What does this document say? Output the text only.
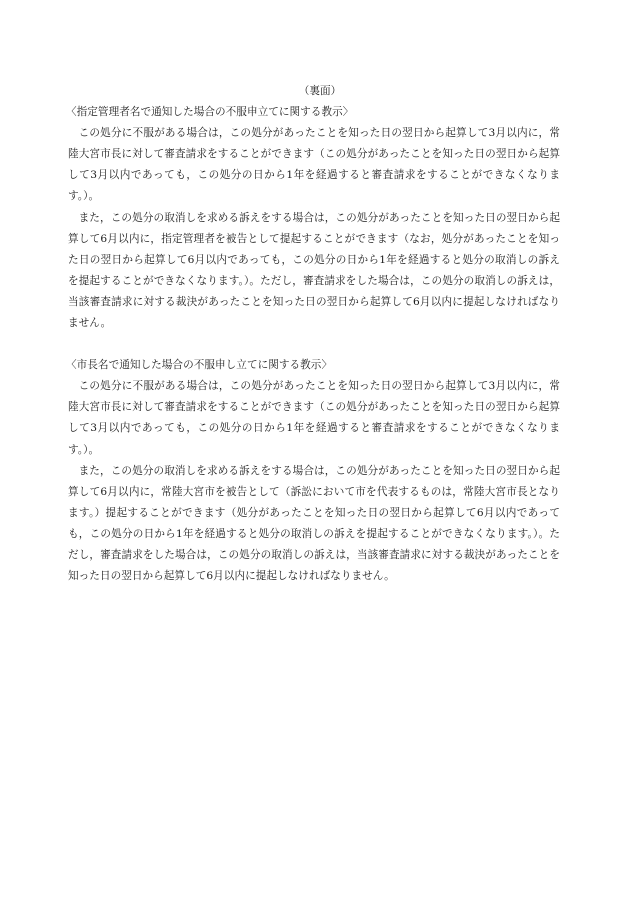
（裏面）
〈指定管理者名で通知した場合の不服申立てに関する教示〉

この処分に不服がある場合は，この処分があったことを知った日の翌日から起算して3月以内に，常陸大宮市長に対して審査請求をすることができます（この処分があったことを知った日の翌日から起算して3月以内であっても，この処分の日から1年を経過すると審査請求をすることができなくなります。）。

また，この処分の取消しを求める訴えをする場合は，この処分があったことを知った日の翌日から起算して6月以内に，指定管理者を被告として提起することができます（なお，処分があったことを知った日の翌日から起算して6月以内であっても，この処分の日から1年を経過すると処分の取消しの訴えを提起することができなくなります。）。ただし，審査請求をした場合は，この処分の取消しの訴えは，当該審査請求に対する裁決があったことを知った日の翌日から起算して6月以内に提起しなければなりません。

〈市長名で通知した場合の不服申し立てに関する教示〉

この処分に不服がある場合は，この処分があったことを知った日の翌日から起算して3月以内に，常陸大宮市長に対して審査請求をすることができます（この処分があったことを知った日の翌日から起算して3月以内であっても，この処分の日から1年を経過すると審査請求をすることができなくなります。）。

また，この処分の取消しを求める訴えをする場合は，この処分があったことを知った日の翌日から起算して6月以内に，常陸大宮市を被告として（訴訟において市を代表するものは，常陸大宮市長となります。）提起することができます（処分があったことを知った日の翌日から起算して6月以内であっても，この処分の日から1年を経過すると処分の取消しの訴えを提起することができなくなります。）。ただし，審査請求をした場合は，この処分の取消しの訴えは，当該審査請求に対する裁決があったことを知った日の翌日から起算して6月以内に提起しなければなりません。
